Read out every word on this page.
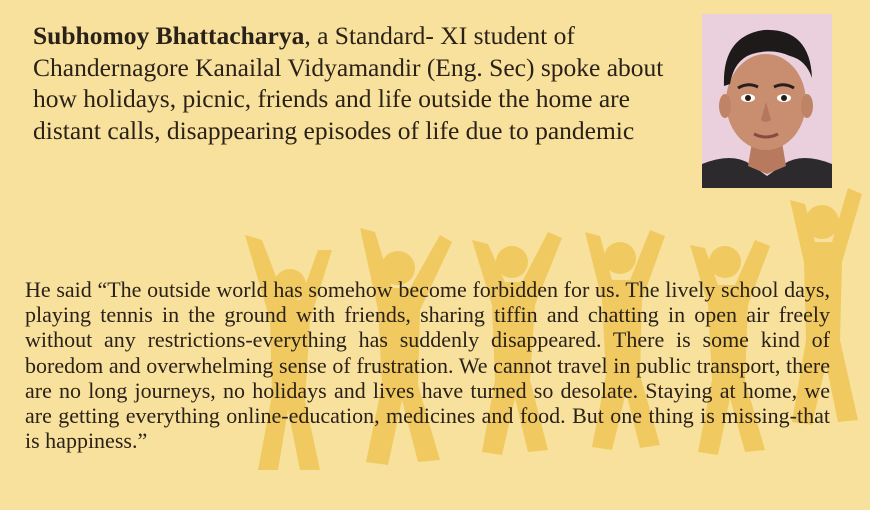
Subhomoy Bhattacharya, a Standard- XI student of Chandernagore Kanailal Vidyamandir (Eng. Sec) spoke about how holidays, picnic, friends and life outside the home are distant calls, disappearing episodes of life due to pandemic
He said “The outside world has somehow become forbidden for us. The lively school days, playing tennis in the ground with friends, sharing tiffin and chatting in open air freely without any restrictions-everything has suddenly disappeared. There is some kind of boredom and overwhelming sense of frustration. We cannot travel in public transport, there are no long journeys, no holidays and lives have turned so desolate. Staying at home, we are getting everything online-education, medicines and food. But one thing is missing-that is happiness.”
